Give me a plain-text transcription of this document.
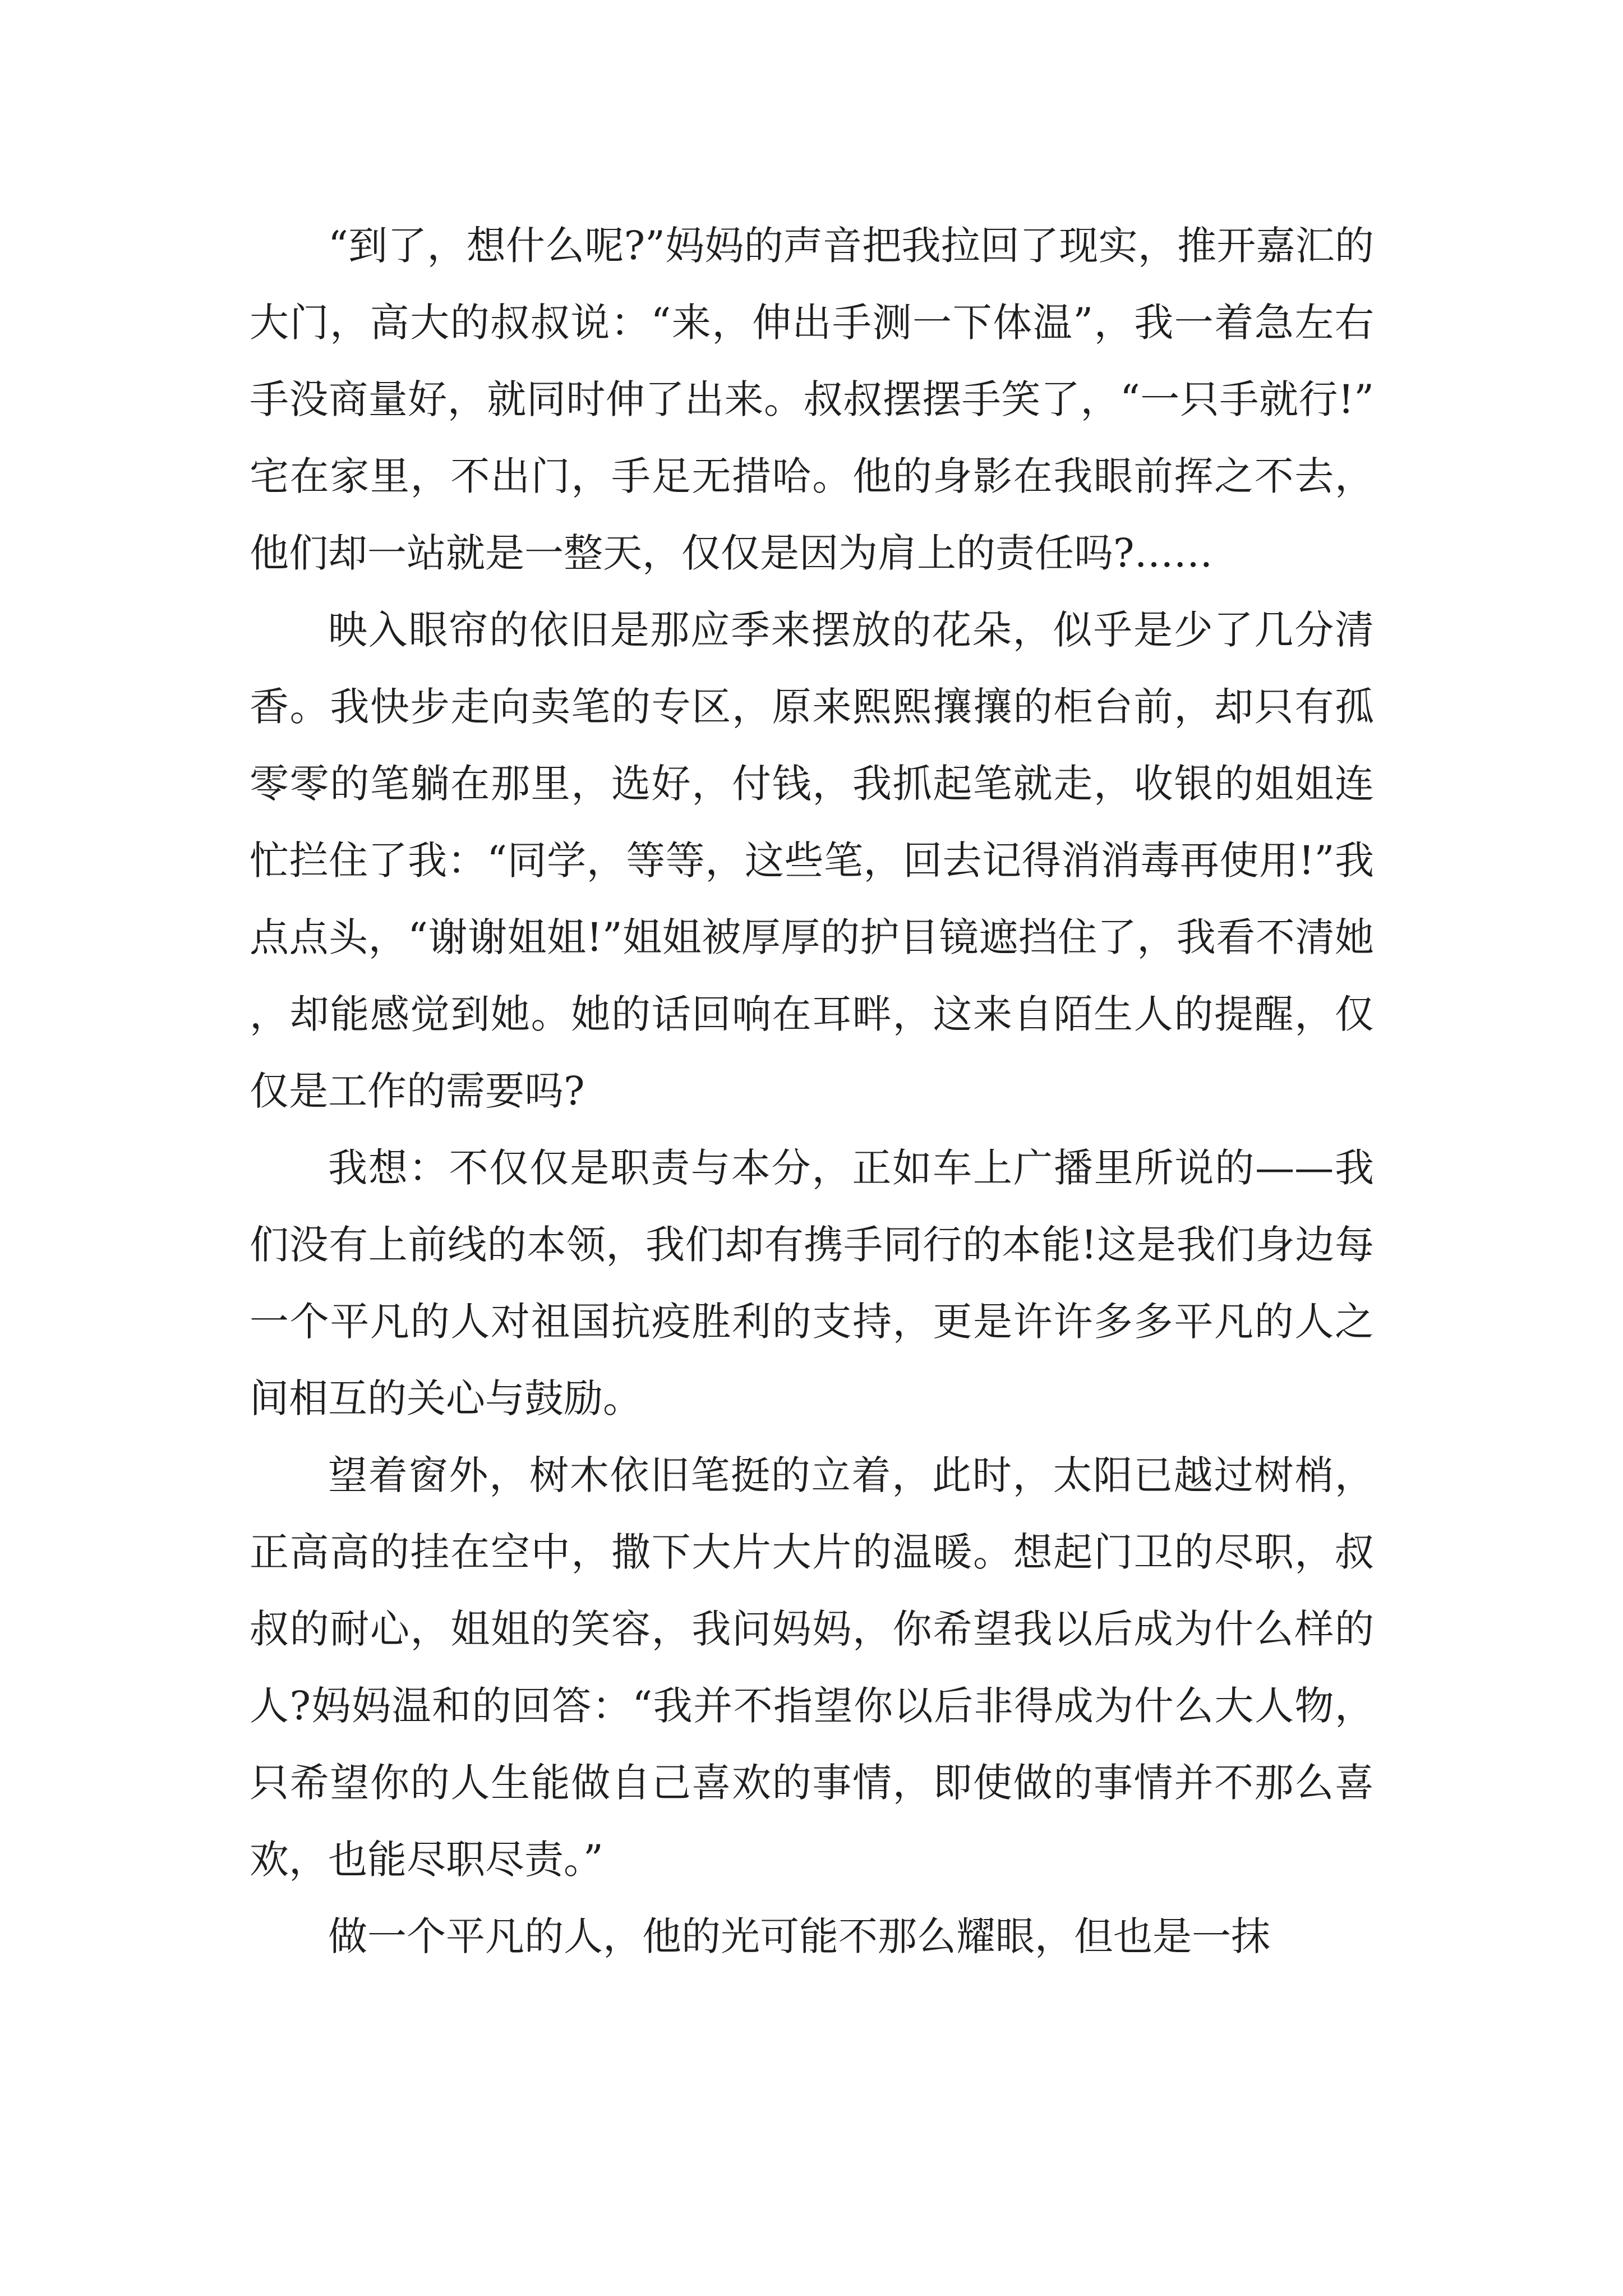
“到了，想什么呢?”妈妈的声音把我拉回了现实，推开嘉汇的大门，高大的叔叔说：“来，伸出手测一下体温”，我一着急左右手没商量好，就同时伸了出来。叔叔摆摆手笑了，“一只手就行!”宅在家里，不出门，手足无措哈。他的身影在我眼前挥之不去，他们却一站就是一整天，仅仅是因为肩上的责任吗?……

映入眼帘的依旧是那应季来摆放的花朵，似乎是少了几分清香。我快步走向卖笔的专区，原来熙熙攘攘的柜台前，却只有孤零零的笔躺在那里，选好，付钱，我抓起笔就走，收银的姐姐连忙拦住了我：“同学，等等，这些笔，回去记得消消毒再使用!”我点点头，“谢谢姐姐!”姐姐被厚厚的护目镜遮挡住了，我看不清她，却能感觉到她。她的话回响在耳畔，这来自陌生人的提醒，仅仅是工作的需要吗?

我想：不仅仅是职责与本分，正如车上广播里所说的——我们没有上前线的本领，我们却有携手同行的本能!这是我们身边每一个平凡的人对祖国抗疫胜利的支持，更是许许多多平凡的人之间相互的关心与鼓励。

望着窗外，树木依旧笔挺的立着，此时，太阳已越过树梢，正高高的挂在空中，撒下大片大片的温暖。想起门卫的尽职，叔叔的耐心，姐姐的笑容，我问妈妈，你希望我以后成为什么样的人?妈妈温和的回答：“我并不指望你以后非得成为什么大人物，只希望你的人生能做自己喜欢的事情，即使做的事情并不那么喜欢，也能尽职尽责。”

做一个平凡的人，他的光可能不那么耀眼，但也是一抹
